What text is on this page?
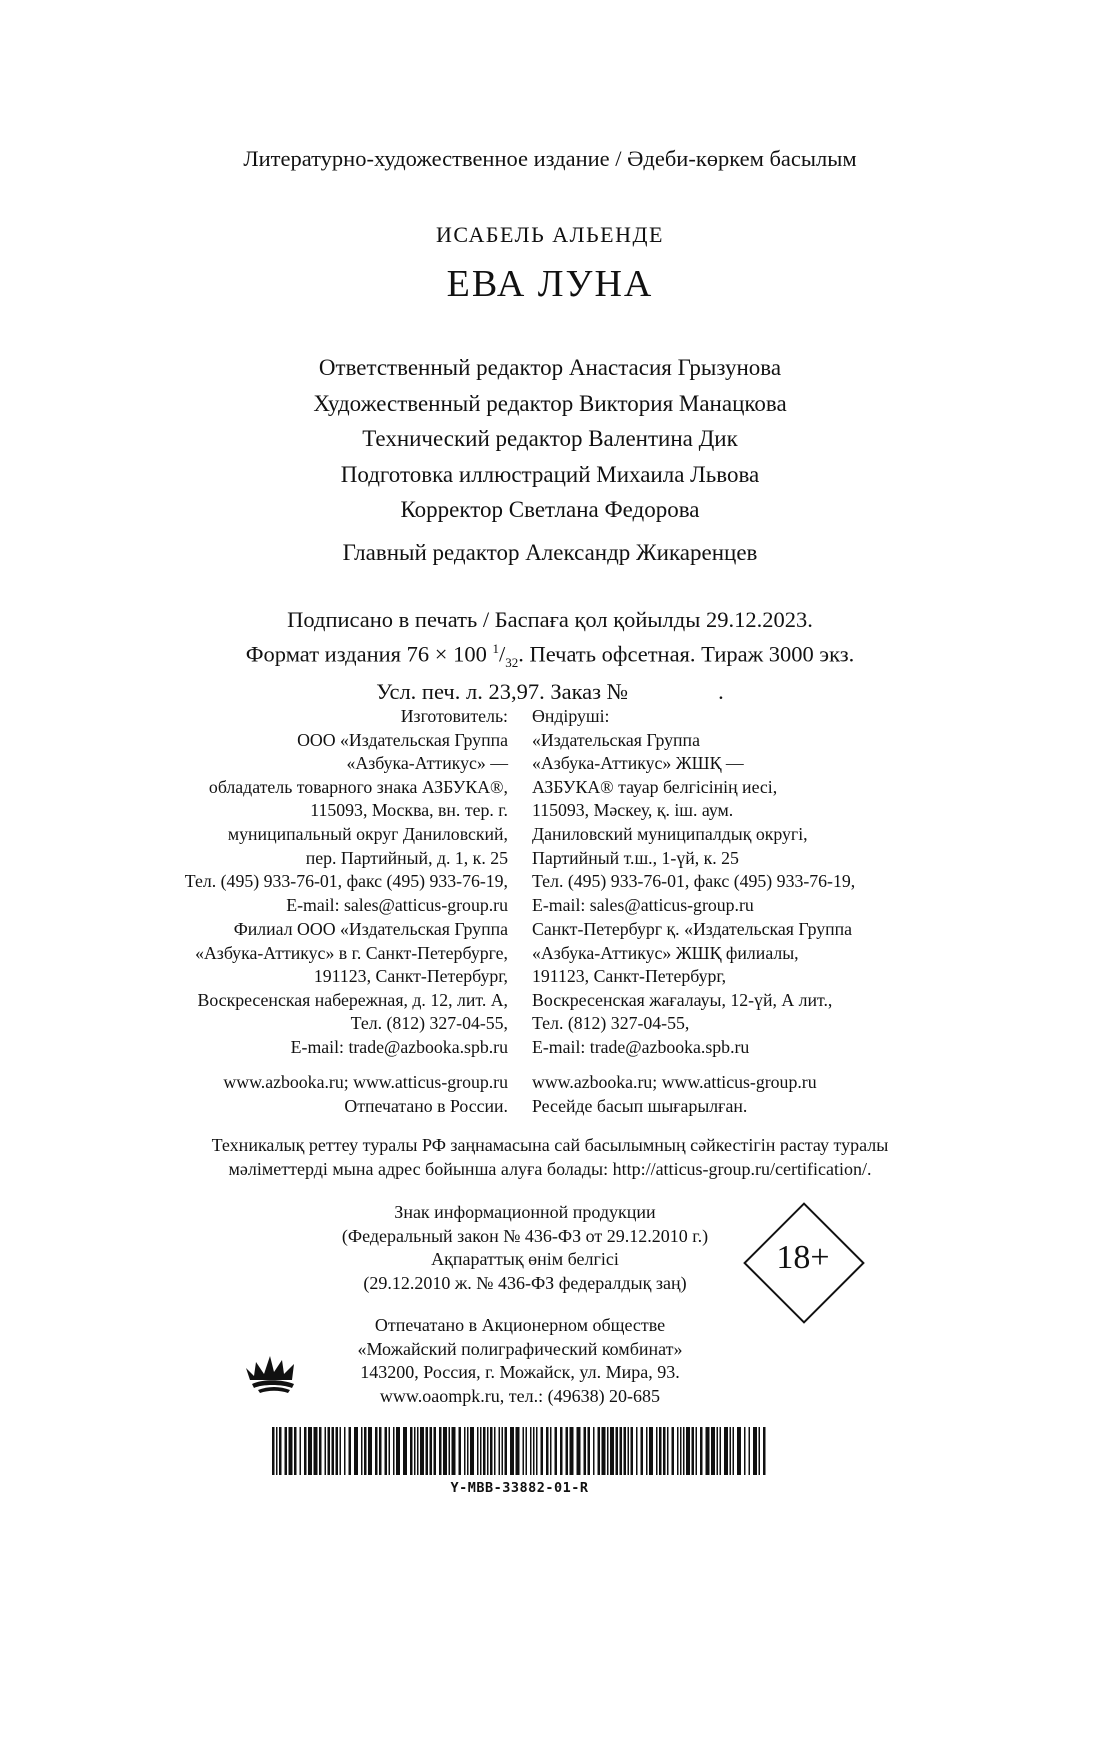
Литературно-художественное издание / Әдеби-көркем басылым
ИСАБЕЛЬ АЛЬЕНДЕ
ЕВА ЛУНА
Ответственный редактор Анастасия Грызунова
Художественный редактор Виктория Манацкова
Технический редактор Валентина Дик
Подготовка иллюстраций Михаила Львова
Корректор Светлана Федорова
Главный редактор Александр Жикаренцев
Подписано в печать / Баспаға қол қойылды 29.12.2023.
Формат издания 76 × 100 $^1/_{32}$. Печать офсетная. Тираж 3000 экз.
Усл. печ. л. 23,97. Заказ №                .
Изготовитель:
ООО «Издательская Группа
«Азбука-Аттикус» —
обладатель товарного знака АЗБУКА®,
115093, Москва, вн. тер. г.
муниципальный округ Даниловский,
пер. Партийный, д. 1, к. 25
Тел. (495) 933-76-01, факс (495) 933-76-19,
E-mail: sales@atticus-group.ru
Өндіруші:
«Издательская Группа
«Азбука-Аттикус» ЖШҚ —
АЗБУКА® тауар белгісінің иесі,
115093, Мәскеу, қ. іш. аум.
Даниловский муниципалдық округі,
Партийный т.ш., 1-үй, к. 25
Тел. (495) 933-76-01, факс (495) 933-76-19,
E-mail: sales@atticus-group.ru
Филиал ООО «Издательская Группа
«Азбука-Аттикус» в г. Санкт-Петербурге,
191123, Санкт-Петербург,
Воскресенская набережная, д. 12, лит. А,
Тел. (812) 327-04-55,
E-mail: trade@azbooka.spb.ru
Санкт-Петербург қ. «Издательская Группа
«Азбука-Аттикус» ЖШҚ филиалы,
191123, Санкт-Петербург,
Воскресенская жағалауы, 12-үй, А лит.,
Тел. (812) 327-04-55,
E-mail: trade@azbooka.spb.ru
www.azbooka.ru; www.atticus-group.ru
Отпечатано в России.
www.azbooka.ru; www.atticus-group.ru
Ресейде басып шығарылған.
Техникалық реттеу туралы РФ заңнамасына сай басылымның сәйкестігін растау туралы
мәліметтерді мына адрес бойынша алуға болады: http://atticus-group.ru/certification/.
Знак информационной продукции
(Федеральный закон № 436-ФЗ от 29.12.2010 г.)
Ақпараттық өнім белгісі
(29.12.2010 ж. № 436-ФЗ федералдық заң)
18+
Отпечатано в Акционерном обществе
«Можайский полиграфический комбинат»
143200, Россия, г. Можайск, ул. Мира, 93.
www.oaompk.ru, тел.: (49638) 20-685
Y-MBB-33882-01-R
